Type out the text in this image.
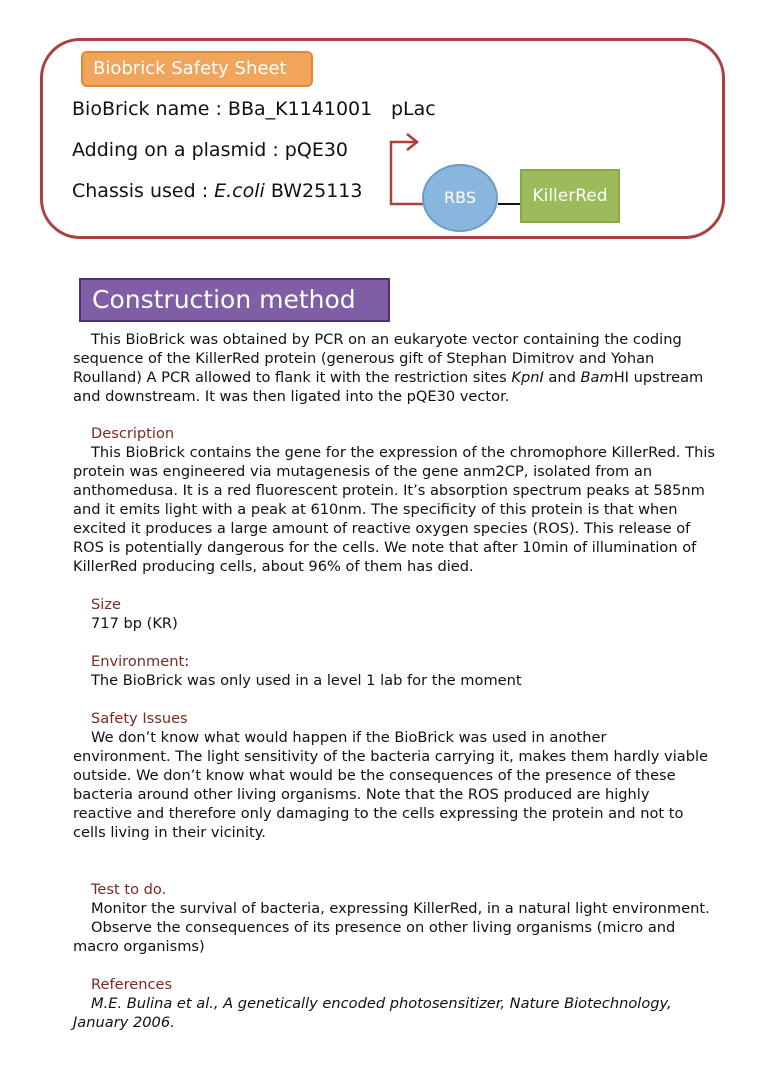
Biobrick Safety Sheet
BioBrick name : BBa_K1141001 pLac
Adding on a plasmid : pQE30
Chassis used : E.coli BW25113	RBS	KillerRed
Construction method
This BioBrick was obtained by PCR on an eukaryote vector containing the coding
sequence of the KillerRed protein (generous gift of Stephan Dimitrov and Yohan
Roulland) A PCR allowed to flank it with the restriction sites KpnI and BamHI upstream
and downstream. It was then ligated into the pQE30 vector.
Description
This BioBrick contains the gene for the expression of the chromophore KillerRed. This
protein was engineered via mutagenesis of the gene anm2CP, isolated from an
anthomedusa. It is a red fluorescent protein. It’s absorption spectrum peaks at 585nm
and it emits light with a peak at 610nm. The specificity of this protein is that when
excited it produces a large amount of reactive oxygen species (ROS). This release of
ROS is potentially dangerous for the cells. We note that after 10min of illumination of
KillerRed producing cells, about 96% of them has died.
Size
717 bp (KR)
Environment:
The BioBrick was only used in a level 1 lab for the moment
Safety Issues
We don’t know what would happen if the BioBrick was used in another
environment. The light sensitivity of the bacteria carrying it, makes them hardly viable
outside. We don’t know what would be the consequences of the presence of these
bacteria around other living organisms. Note that the ROS produced are highly
reactive and therefore only damaging to the cells expressing the protein and not to
cells living in their vicinity.
Test to do.
Monitor the survival of bacteria, expressing KillerRed, in a natural light environment.
Observe the consequences of its presence on other living organisms (micro and
macro organisms)
References
M.E. Bulina et al., A genetically encoded photosensitizer, Nature Biotechnology,
January 2006.
